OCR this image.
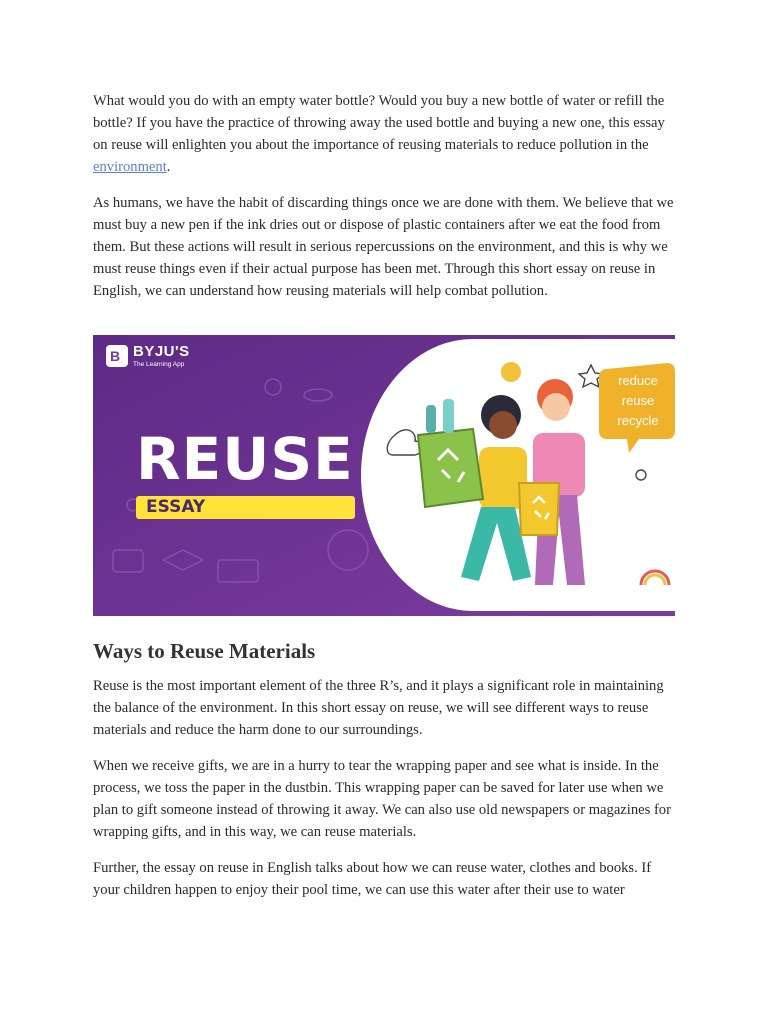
What would you do with an empty water bottle? Would you buy a new bottle of water or refill the bottle? If you have the practice of throwing away the used bottle and buying a new one, this essay on reuse will enlighten you about the importance of reusing materials to reduce pollution in the environment.

As humans, we have the habit of discarding things once we are done with them. We believe that we must buy a new pen if the ink dries out or dispose of plastic containers after we eat the food from them. But these actions will result in serious repercussions on the environment, and this is why we must reuse things even if their actual purpose has been met. Through this short essay on reuse in English, we can understand how reusing materials will help combat pollution.

B BYJU'S
The Learning App
REUSE
ESSAY
reduce
reuse
recycle
Ways to Reuse Materials

Reuse is the most important element of the three R’s, and it plays a significant role in maintaining the balance of the environment. In this short essay on reuse, we will see different ways to reuse materials and reduce the harm done to our surroundings.

When we receive gifts, we are in a hurry to tear the wrapping paper and see what is inside. In the process, we toss the paper in the dustbin. This wrapping paper can be saved for later use when we plan to gift someone instead of throwing it away. We can also use old newspapers or magazines for wrapping gifts, and in this way, we can reuse materials.

Further, the essay on reuse in English talks about how we can reuse water, clothes and books. If your children happen to enjoy their pool time, we can use this water after their use to water
